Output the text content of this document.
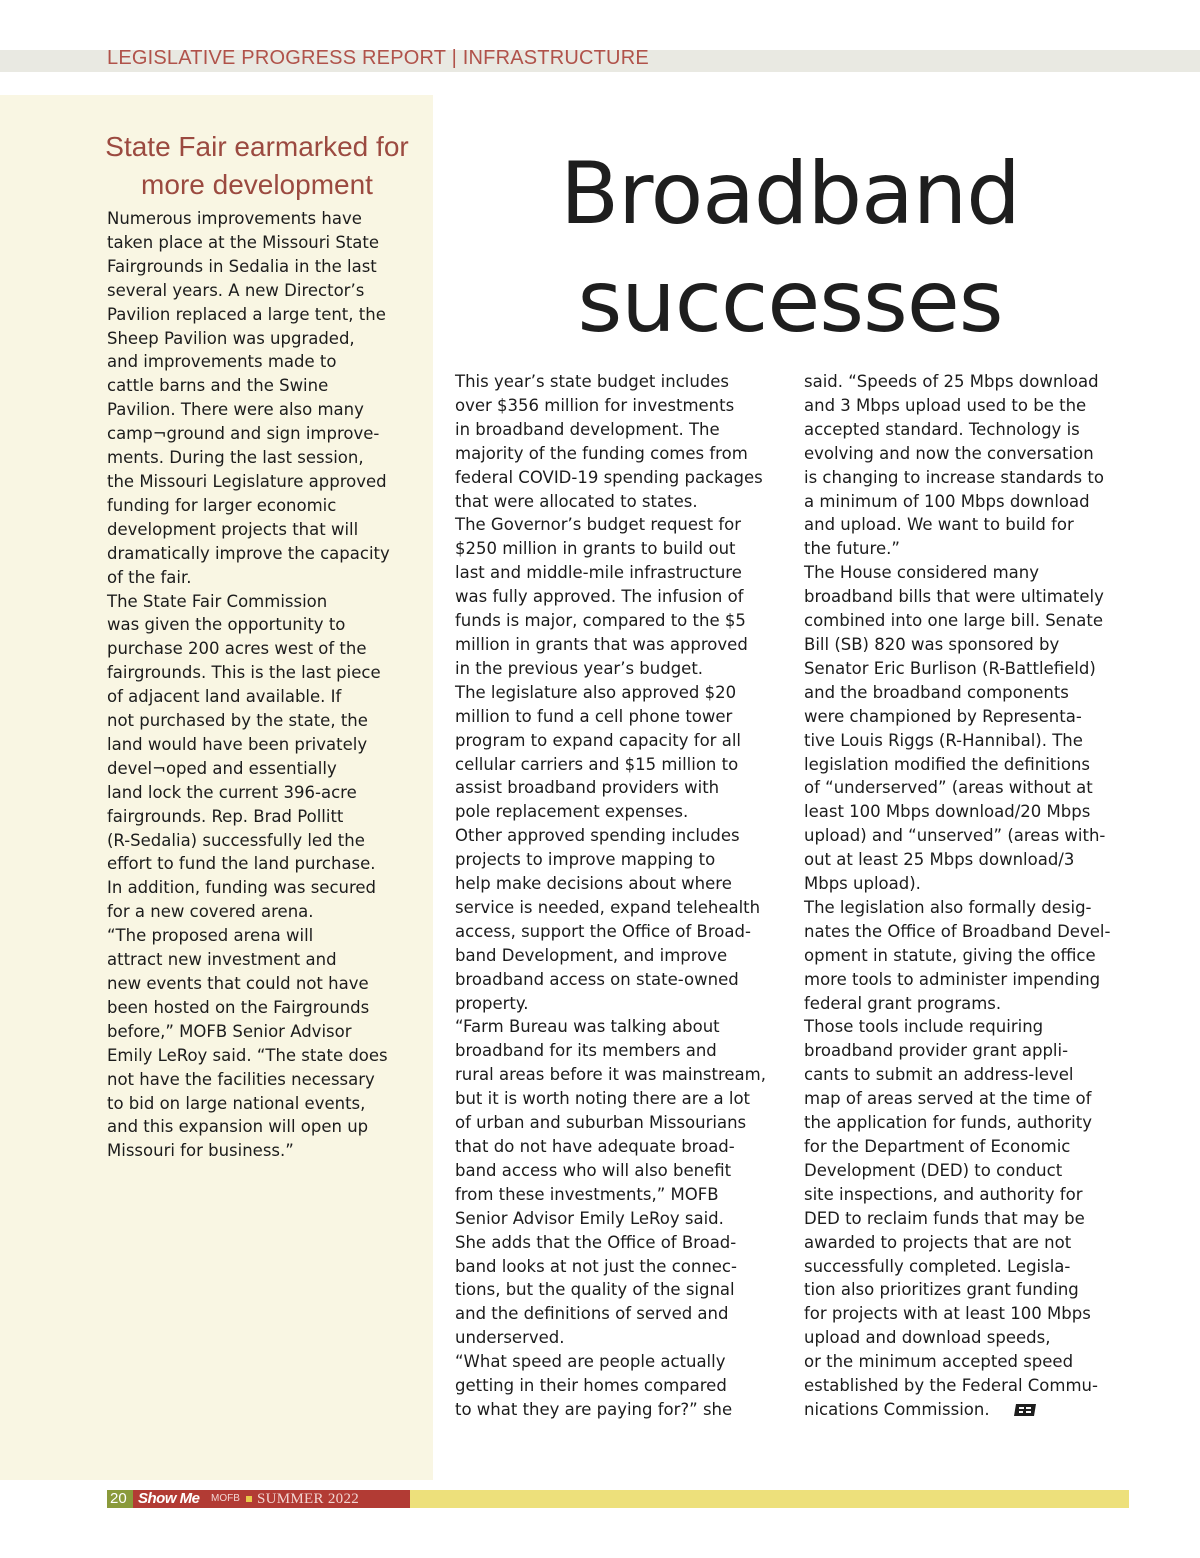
LEGISLATIVE PROGRESS REPORT | INFRASTRUCTURE
State Fair earmarked for
more development

Numerous improvements have
taken place at the Missouri State
Fairgrounds in Sedalia in the last
several years. A new Director’s
Pavilion replaced a large tent, the
Sheep Pavilion was upgraded,
and improvements made to
cattle barns and the Swine
Pavilion. There were also many
camp¬ground and sign improve-
ments. During the last session,
the Missouri Legislature approved
funding for larger economic
development projects that will
dramatically improve the capacity
of the fair.
The State Fair Commission
was given the opportunity to
purchase 200 acres west of the
fairgrounds. This is the last piece
of adjacent land available. If
not purchased by the state, the
land would have been privately
devel¬oped and essentially
land lock the current 396-acre
fairgrounds. Rep. Brad Pollitt
(R-Sedalia) successfully led the
effort to fund the land purchase.
In addition, funding was secured
for a new covered arena.
“The proposed arena will
attract new investment and
new events that could not have
been hosted on the Fairgrounds
before,” MOFB Senior Advisor
Emily LeRoy said. “The state does
not have the facilities necessary
to bid on large national events,
and this expansion will open up
Missouri for business.”

Broadband
successes

This year’s state budget includes
over $356 million for investments
in broadband development. The
majority of the funding comes from
federal COVID-19 spending packages
that were allocated to states.
The Governor’s budget request for
$250 million in grants to build out
last and middle-mile infrastructure
was fully approved. The infusion of
funds is major, compared to the $5
million in grants that was approved
in the previous year’s budget.
The legislature also approved $20
million to fund a cell phone tower
program to expand capacity for all
cellular carriers and $15 million to
assist broadband providers with
pole replacement expenses.
Other approved spending includes
projects to improve mapping to
help make decisions about where
service is needed, expand telehealth
access, support the Office of Broad-
band Development, and improve
broadband access on state-owned
property.
“Farm Bureau was talking about
broadband for its members and
rural areas before it was mainstream,
but it is worth noting there are a lot
of urban and suburban Missourians
that do not have adequate broad-
band access who will also benefit
from these investments,” MOFB
Senior Advisor Emily LeRoy said.
She adds that the Office of Broad-
band looks at not just the connec-
tions, but the quality of the signal
and the definitions of served and
underserved.
“What speed are people actually
getting in their homes compared
to what they are paying for?” she

said. “Speeds of 25 Mbps download
and 3 Mbps upload used to be the
accepted standard. Technology is
evolving and now the conversation
is changing to increase standards to
a minimum of 100 Mbps download
and upload. We want to build for
the future.”
The House considered many
broadband bills that were ultimately
combined into one large bill. Senate
Bill (SB) 820 was sponsored by
Senator Eric Burlison (R-Battlefield)
and the broadband components
were championed by Representa-
tive Louis Riggs (R-Hannibal). The
legislation modified the definitions
of “underserved” (areas without at
least 100 Mbps download/20 Mbps
upload) and “unserved” (areas with-
out at least 25 Mbps download/3
Mbps upload).
The legislation also formally desig-
nates the Office of Broadband Devel-
opment in statute, giving the office
more tools to administer impending
federal grant programs.
Those tools include requiring
broadband provider grant appli-
cants to submit an address-level
map of areas served at the time of
the application for funds, authority
for the Department of Economic
Development (DED) to conduct
site inspections, and authority for
DED to reclaim funds that may be
awarded to projects that are not
successfully completed. Legisla-
tion also prioritizes grant funding
for projects with at least 100 Mbps
upload and download speeds,
or the minimum accepted speed
established by the Federal Commu-
nications Commission.

20 Show Me MOFB SUMMER 2022
